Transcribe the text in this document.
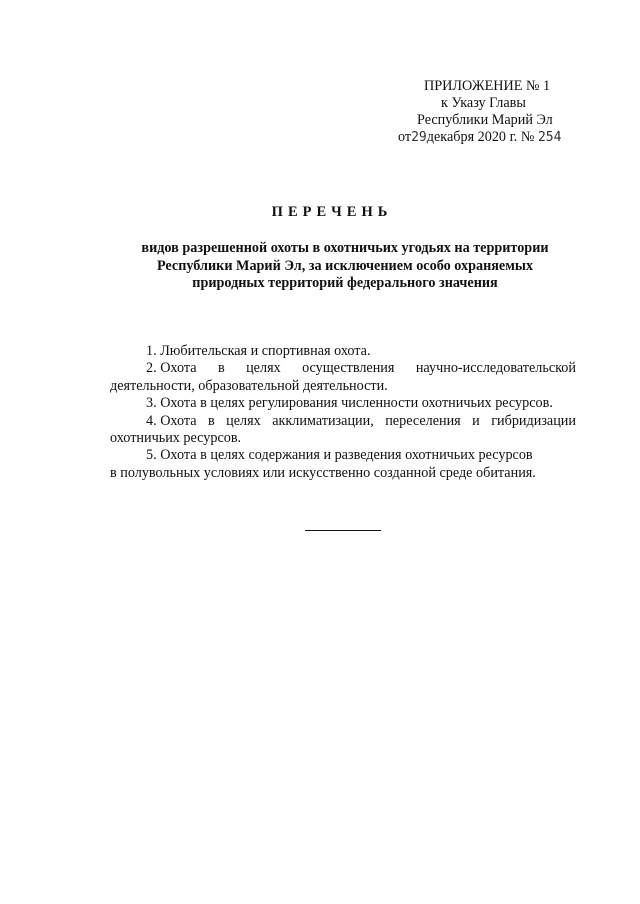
ПРИЛОЖЕНИЕ № 1
к Указу Главы
Республики Марий Эл
от29декабря 2020 г. № 254
ПЕРЕЧЕНЬ
видов разрешенной охоты в охотничьих угодьях на территории
Республики Марий Эл, за исключением особо охраняемых
природных территорий федерального значения
1. Любительская и спортивная охота.
2. Охота в целях осуществления научно-исследовательской
деятельности, образовательной деятельности.
3. Охота в целях регулирования численности охотничьих ресурсов.
4. Охота в целях акклиматизации, переселения и гибридизации
охотничьих ресурсов.
5. Охота в целях содержания и разведения охотничьих ресурсов
в полувольных условиях или искусственно созданной среде обитания.
